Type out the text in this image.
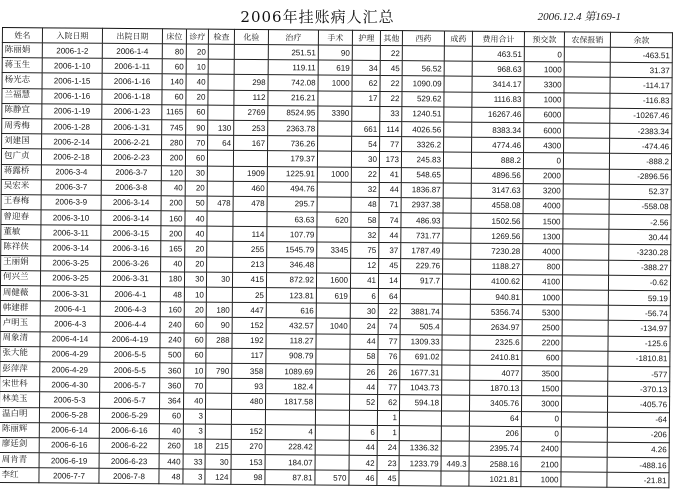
2006年挂账病人汇总	2006.12.4 第169-1
姓名	入院日期	出院日期	床位	诊疗	检查	化验	治疗	手术	护理	其他	西药	成药	费用合计	预交款	农保报销	余款
陈丽娟	2006-1-2	2006-1-4	80	20			251.51	90		22			463.51	0		-463.51
蒋玉生	2006-1-10	2006-1-11	60	10			119.11	619	34	45	56.52		968.63	1000		31.37
杨光志	2006-1-15	2006-1-16	140	40		298	742.08	1000	62	22	1090.09		3414.17	3300		-114.17
兰福慧	2006-1-16	2006-1-18	60	20		112	216.21		17	22	529.62		1116.83	1000		-116.83
陈静宜	2006-1-19	2006-1-23	1165	60		2769	8524.95	3390		33	1240.51		16267.46	6000		-10267.46
周秀梅	2006-1-28	2006-1-31	745	90	130	253	2363.78		661	114	4026.56		8383.34	6000		-2383.34
刘建国	2006-2-14	2006-2-21	280	70	64	167	736.26		54	77	3326.2		4774.46	4300		-474.46
包广贞	2006-2-18	2006-2-23	200	60			179.37		30	173	245.83		888.2	0		-888.2
蒋露桥	2006-3-4	2006-3-7	120	30		1909	1225.91	1000	22	41	548.65		4896.56	2000		-2896.56
吴宏米	2006-3-7	2006-3-8	40	20		460	494.76		32	44	1836.87		3147.63	3200		52.37
王春梅	2006-3-9	2006-3-14	200	50	478	478	295.7		48	71	2937.38		4558.08	4000		-558.08
曾迎春	2006-3-10	2006-3-14	160	40			63.63	620	58	74	486.93		1502.56	1500		-2.56
董敏	2006-3-11	2006-3-15	200	40		114	107.79		32	44	731.77		1269.56	1300		30.44
陈祥侠	2006-3-14	2006-3-16	165	20		255	1545.79	3345	75	37	1787.49		7230.28	4000		-3230.28
王丽娟	2006-3-25	2006-3-26	40	20		213	346.48		12	45	229.76		1188.27	800		-388.27
何兴兰	2006-3-25	2006-3-31	180	30	30	415	872.92	1600	41	14	917.7		4100.62	4100		-0.62
周健薇	2006-3-31	2006-4-1	48	10		25	123.81	619	6	64			940.81	1000		59.19
韩建群	2006-4-1	2006-4-3	160	20	180	447	616		30	22	3881.74		5356.74	5300		-56.74
卢明玉	2006-4-3	2006-4-4	240	60	90	152	432.57	1040	24	74	505.4		2634.97	2500		-134.97
周象清	2006-4-14	2006-4-19	240	60	288	192	118.27		44	77	1309.33		2325.6	2200		-125.6
张大能	2006-4-29	2006-5-5	500	60		117	908.79		58	76	691.02		2410.81	600		-1810.81
彭萍萍	2006-4-29	2006-5-5	360	10	790	358	1089.69		26	26	1677.31		4077	3500		-577
宋世科	2006-4-30	2006-5-7	360	70		93	182.4		44	77	1043.73		1870.13	1500		-370.13
林美玉	2006-5-3	2006-5-7	364	40		480	1817.58		52	62	594.18		3405.76	3000		-405.76
温白明	2006-5-28	2006-5-29	60	3						1			64	0		-64
陈丽辉	2006-6-14	2006-6-16	40	3		152	4		6	1			206	0		-206
廖廷剑	2006-6-16	2006-6-22	260	18	215	270	228.42		44	24	1336.32		2395.74	2400		4.26
周肯青	2006-6-19	2006-6-23	440	33	30	153	184.07		42	23	1233.79	449.3	2588.16	2100		-488.16
李红	2006-7-7	2006-7-8	48	3	124	98	87.81	570	46	45			1021.81	1000		-21.81
